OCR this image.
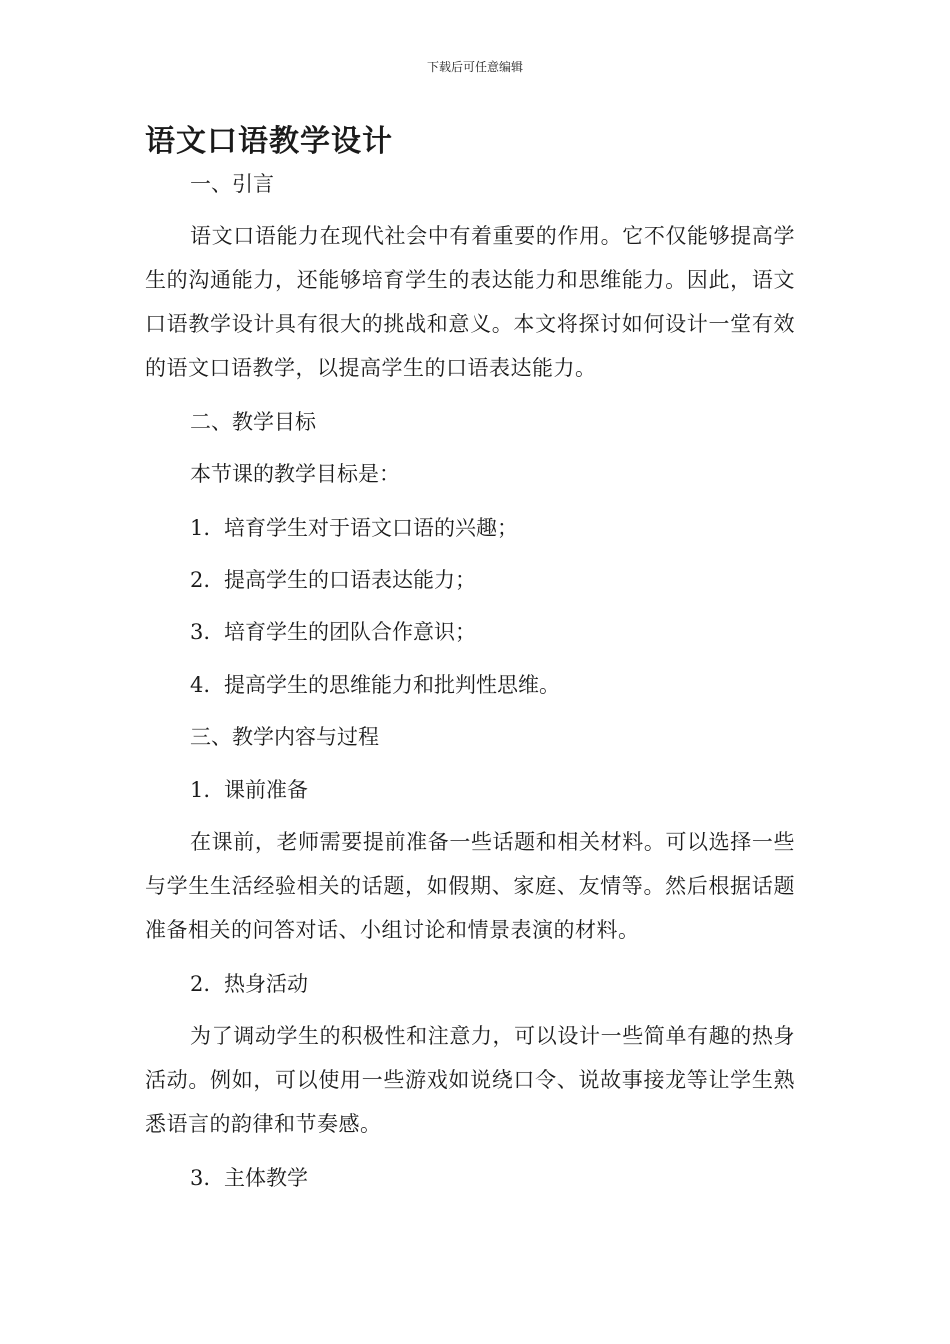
下载后可任意编辑
语文口语教学设计
一、引言
语文口语能力在现代社会中有着重要的作用。它不仅能够提高学生的沟通能力，还能够培育学生的表达能力和思维能力。因此，语文口语教学设计具有很大的挑战和意义。本文将探讨如何设计一堂有效的语文口语教学，以提高学生的口语表达能力。
二、教学目标
本节课的教学目标是：
1. 培育学生对于语文口语的兴趣；
2. 提高学生的口语表达能力；
3. 培育学生的团队合作意识；
4. 提高学生的思维能力和批判性思维。
三、教学内容与过程
1. 课前准备
在课前，老师需要提前准备一些话题和相关材料。可以选择一些与学生生活经验相关的话题，如假期、家庭、友情等。然后根据话题准备相关的问答对话、小组讨论和情景表演的材料。
2. 热身活动
为了调动学生的积极性和注意力，可以设计一些简单有趣的热身活动。例如，可以使用一些游戏如说绕口令、说故事接龙等让学生熟悉语言的韵律和节奏感。
3. 主体教学
